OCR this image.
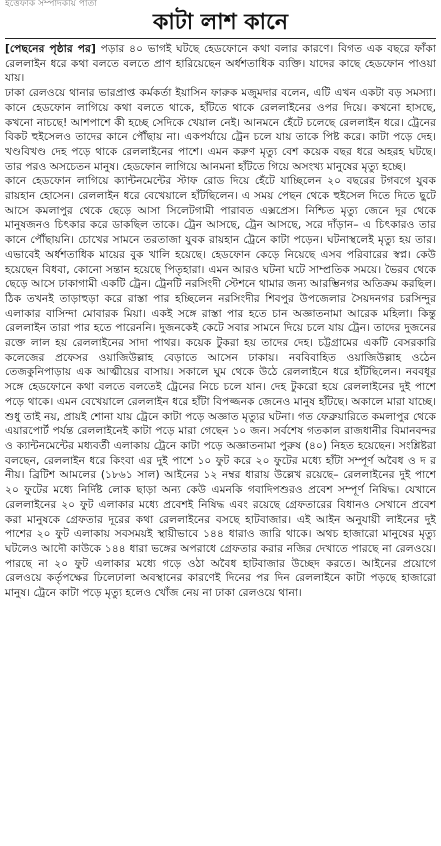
ইত্তেফাক সম্পাদকীয় পাতা
কাটা লাশ কানে

[পেছনের পৃষ্ঠার পর] পড়ার ৪০ ভাগই ঘটছে হেডফোনে কথা বলার কারণে। বিগত এক বছরে ফাঁকা রেললাইন ধরে কথা বলতে বলতে প্রাণ হারিয়েছেন অর্ধশতাধিক ব্যক্তি। যাদের কাছে হেডফোন পাওয়া যায়।

ঢাকা রেলওয়ে থানার ভারপ্রাপ্ত কর্মকর্তা ইয়াসিন ফারুক মজুমদার বলেন, এটি এখন একটা বড় সমস্যা। কানে হেডফোন লাগিয়ে কথা বলতে থাকে, হাঁটতে থাকে রেললাইনের ওপর দিয়ে। কখনো হাসছে, কখনো নাচছে! আশপাশে কী হচ্ছে সেদিকে খেয়াল নেই। আনমনে হেঁটে চলেছে রেললাইন ধরে। ট্রেনের বিকট হুইসেলও তাদের কানে পৌঁছায় না। একপর্যায়ে ট্রেন চলে যায় তাকে পিষ্ট করে। কাটা পড়ে দেহ। খণ্ডবিখণ্ড দেহ পড়ে থাকে রেললাইনের পাশে। এমন করুণ মৃত্যু বেশ কয়েক বছর ধরে অহরহ ঘটছে। তার পরও অসচেতন মানুষ। হেডফোন লাগিয়ে আনমনা হাঁটতে গিয়ে অসংখ্য মানুষের মৃত্যু হচ্ছে।

কানে হেডফোন লাগিয়ে ক্যান্টনমেন্টের স্টাফ রোড দিয়ে হেঁটে যাচ্ছিলেন ২০ বছরের টগবগে যুবক রায়হান হোসেন। রেললাইন ধরে বেখেয়ালে হাঁটছিলেন। এ সময় পেছন থেকে হুইসেল দিতে দিতে ছুটে আসে কমলাপুর থেকে ছেড়ে আসা সিলেটগামী পারাবত এক্সপ্রেস। নিশ্চিত মৃত্যু জেনে দূর থেকে মানুষজনও চিৎকার করে ডাকছিল তাকে। ট্রেন আসছে, ট্রেন আসছে, সরে দাঁড়ান– এ চিৎকারও তার কানে পৌঁছায়নি। চোখের সামনে তরতাজা যুবক রায়হান ট্রেনে কাটা পড়েন। ঘটনাস্থলেই মৃত্যু হয় তার। এভাবেই অর্ধশতাধিক মায়ের বুক খালি হয়েছে। হেডফোন কেড়ে নিয়েছে এসব পরিবারের স্বপ্ন। কেউ হয়েছেন বিধবা, কোনো সন্তান হয়েছে পিতৃহারা। এমন আরও ঘটনা ঘটে সাম্প্রতিক সময়ে। ভৈরব থেকে ছেড়ে আসে ঢাকাগামী একটি ট্রেন। ট্রেনটি নরসিংদী স্টেশনে থামার জন্য আরম্ভিনগর অতিক্রম করছিল। ঠিক তখনই তাড়াহুড়া করে রাস্তা পার হচ্ছিলেন নরসিংদীর শিবপুর উপজেলার সৈয়দনগর চরসিন্দুর এলাকার বাসিন্দা মোবারক মিয়া। একই সঙ্গে রাস্তা পার হতে চান অজ্ঞাতনামা আরেক মহিলা। কিন্তু রেললাইন তারা পার হতে পারেননি। দুজনকেই কেটে সবার সামনে দিয়ে চলে যায় ট্রেন। তাদের দুজনের রক্তে লাল হয় রেললাইনের সাদা পাথর। কয়েক টুকরা হয় তাদের দেহ। চট্টগ্রামের একটি বেসরকারি কলেজের প্রফেসর ওয়াজিউল্লাহ বেড়াতে আসেন ঢাকায়। নববিবাহিত ওয়াজিউল্লাহ ওঠেন তেজকুনিপাড়ায় এক আত্মীয়ের বাসায়। সকালে ঘুম থেকে উঠে রেললাইনে ধরে হাঁটছিলেন। নববধূর সঙ্গে হেডফোনে কথা বলতে বলতেই ট্রেনের নিচে চলে যান। দেহ টুকরো হয়ে রেললাইনের দুই পাশে পড়ে থাকে। এমন বেখেয়ালে রেললাইন ধরে হাঁটা বিপজ্জনক জেনেও মানুষ হাঁটছে। অকালে মারা যাচ্ছে। শুধু তাই নয়, প্রায়ই শোনা যায় ট্রেনে কাটা পড়ে অজ্ঞাত মৃত্যুর ঘটনা। গত ফেব্রুয়ারিতে কমলাপুর থেকে এয়ারপোর্ট পর্যন্ত রেললাইনেই কাটা পড়ে মারা গেছেন ১০ জন। সর্বশেষ গতকাল রাজধানীর বিমানবন্দর ও ক্যান্টনমেন্টের মধ্যবর্তী এলাকায় ট্রেনে কাটা পড়ে অজ্ঞাতনামা পুরুষ (৪০) নিহত হয়েছেন। সংশ্লিষ্টরা বলছেন, রেললাইন ধরে কিংবা এর দুই পাশে ১০ ফুট করে ২০ ফুটের মধ্যে হাঁটা সম্পূর্ণ অবৈধ ও দ র নীয়। ব্রিটিশ আমলের (১৮৬১ সাল) আইনের ১২ নম্বর ধারায় উল্লেখ রয়েছে– রেললাইনের দুই পাশে ২০ ফুটের মধ্যে নির্দিষ্ট লোক ছাড়া অন্য কেউ এমনকি গবাদিপশুরও প্রবেশ সম্পূর্ণ নিষিদ্ধ। যেখানে রেললাইনের ২০ ফুট এলাকার মধ্যে প্রবেশই নিষিদ্ধ এবং রয়েছে গ্রেফতারের বিধানও সেখানে প্রবেশ করা মানুষকে গ্রেফতার দূরের কথা রেললাইনের বসছে হাটবাজার। এই আইন অনুযায়ী লাইনের দুই পাশের ২০ ফুট এলাকায় সবসময়ই স্থায়ীভাবে ১৪৪ ধারাও জারি থাকে। অথচ হাজারো মানুষের মৃত্যু ঘটলেও আদৌ কাউকে ১৪৪ ধারা ভঙ্গের অপরাধে গ্রেফতার করার নজির দেখাতে পারছে না রেলওয়ে। পারছে না ২০ ফুট এলাকার মধ্যে গড়ে ওঠা অবৈধ হাটবাজার উচ্ছেদ করতে। আইনের প্রয়োগে রেলওয়ে কর্তৃপক্ষের ঢিলেঢালা অবস্থানের কারণেই দিনের পর দিন রেললাইনে কাটা পড়ছে হাজারো মানুষ। ট্রেনে কাটা পড়ে মৃত্যু হলেও খোঁজ নেয় না ঢাকা রেলওয়ে থানা।
